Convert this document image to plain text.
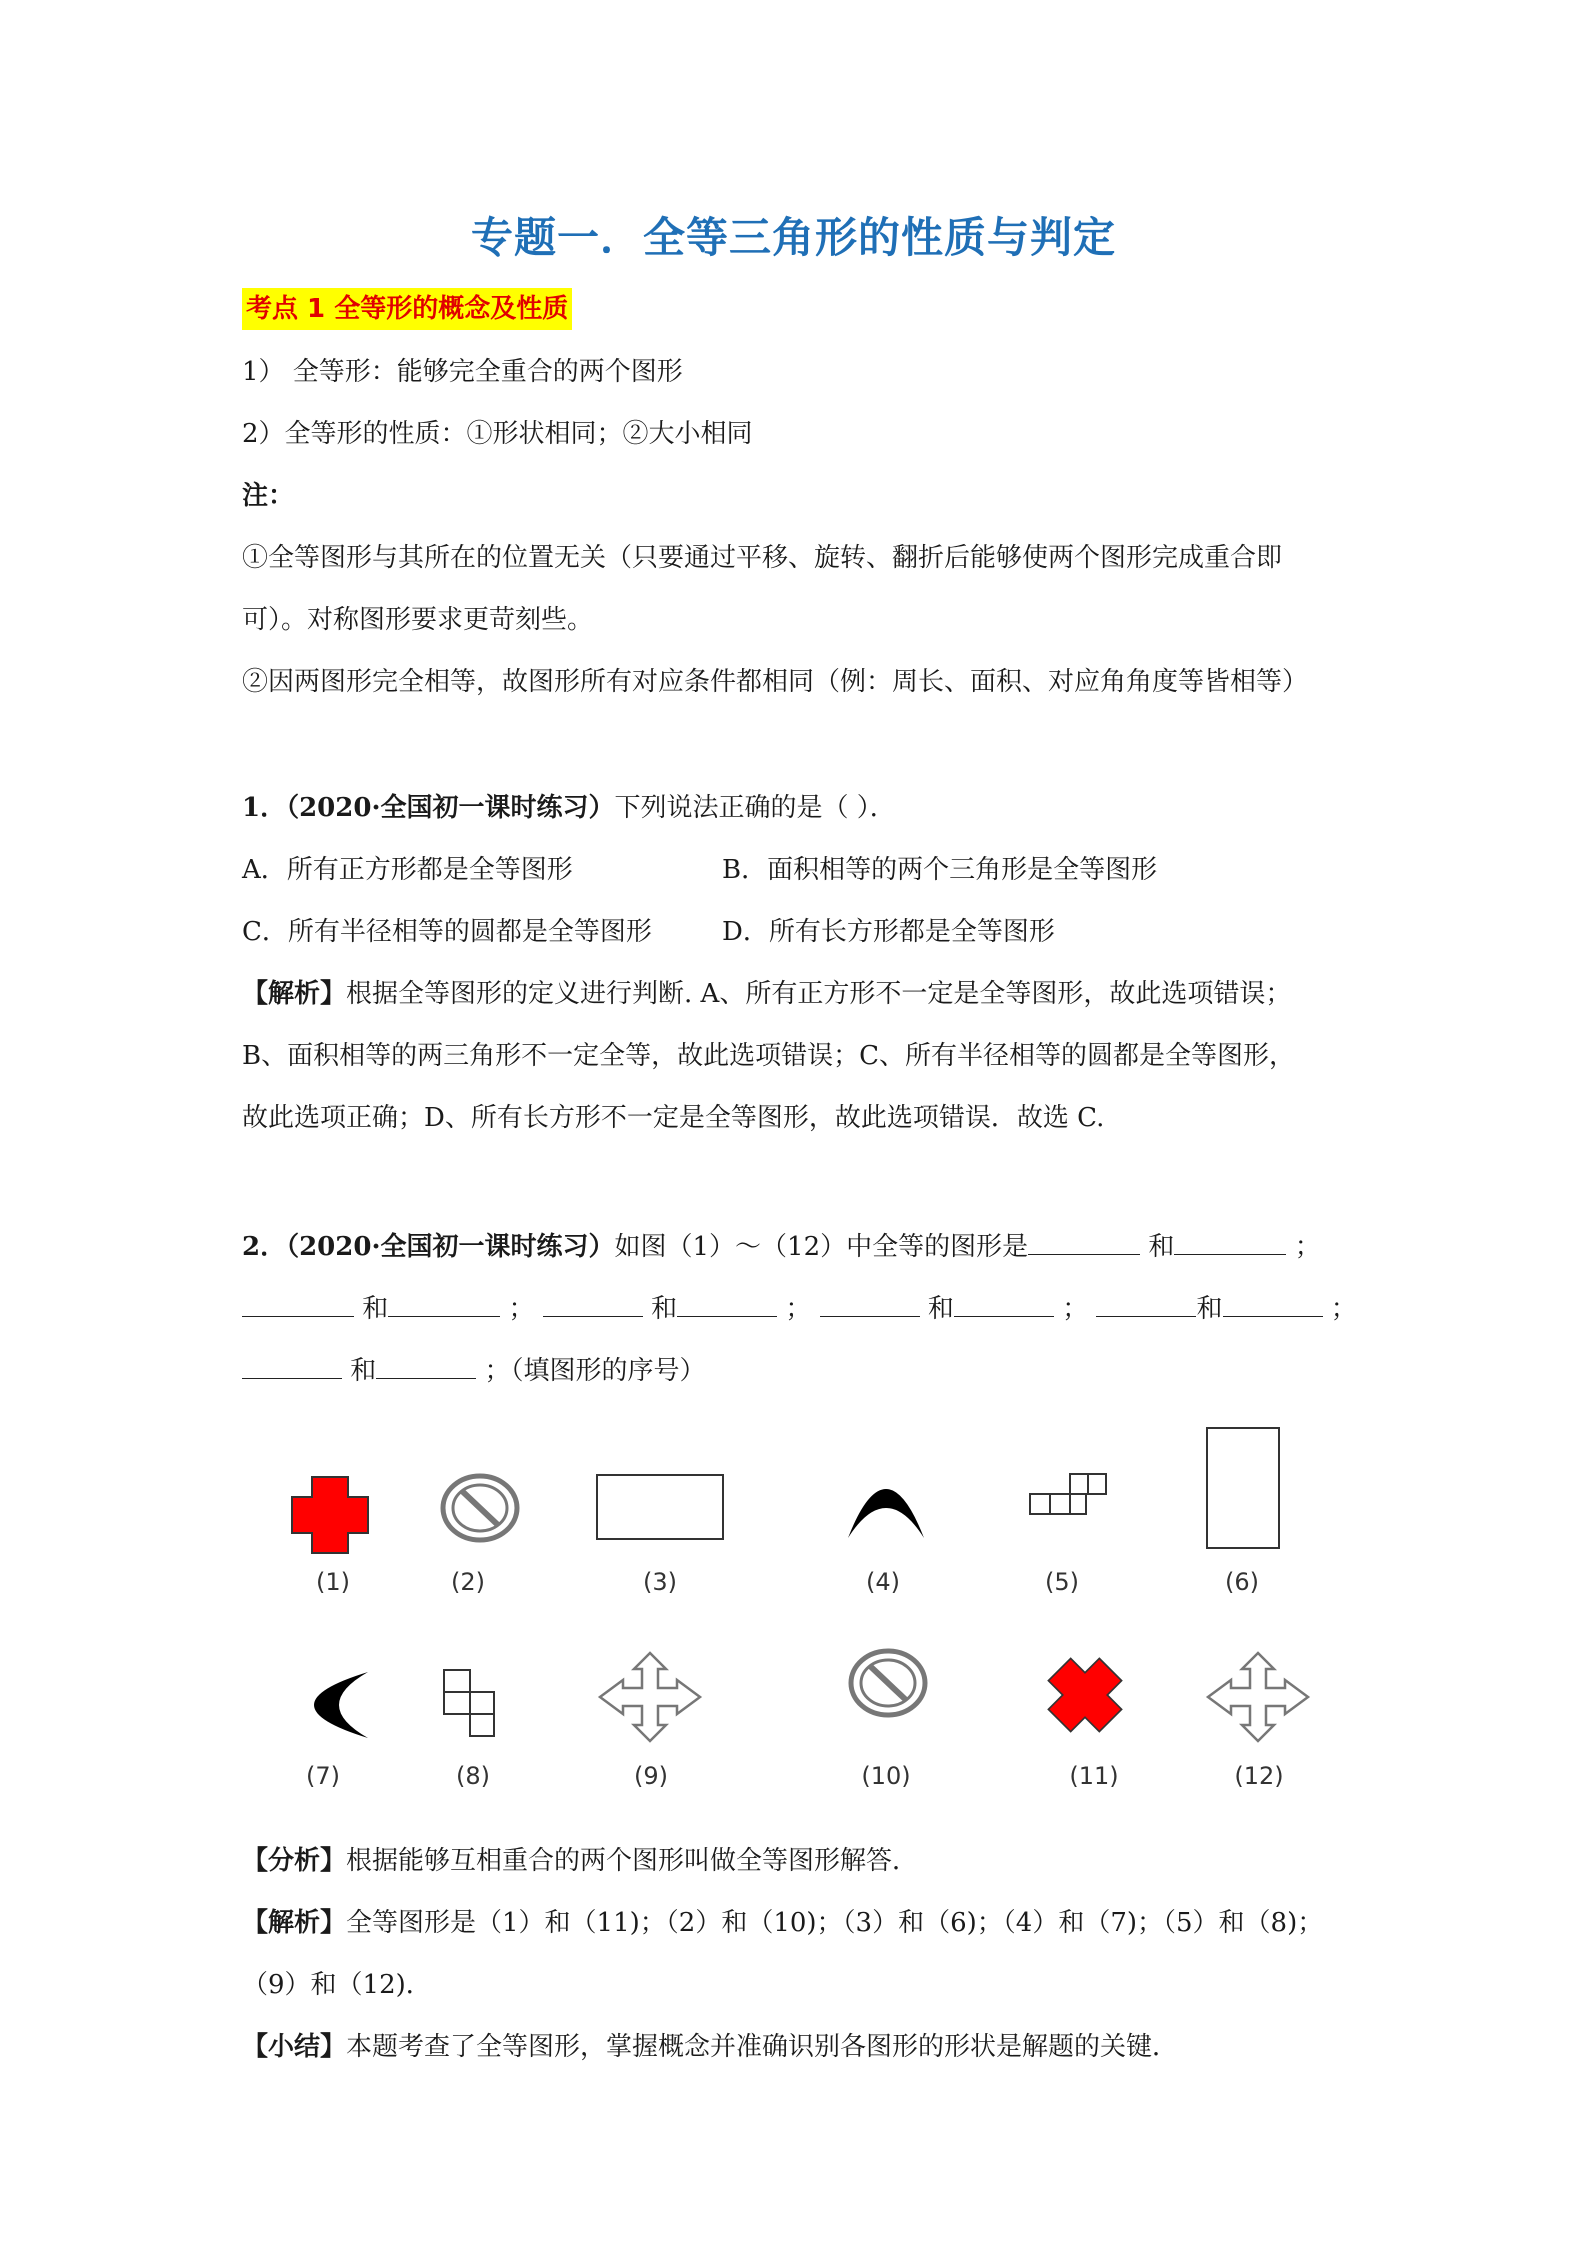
专题一．全等三角形的性质与判定
考点 1 全等形的概念及性质
1） 全等形：能够完全重合的两个图形
2）全等形的性质：①形状相同；②大小相同
注：
①全等图形与其所在的位置无关（只要通过平移、旋转、翻折后能够使两个图形完成重合即
可）。对称图形要求更苛刻些。
②因两图形完全相等，故图形所有对应条件都相同（例：周长、面积、对应角角度等皆相等）
1．（2020·全国初一课时练习）下列说法正确的是（ ）．
A．所有正方形都是全等图形	B．面积相等的两个三角形是全等图形
C．所有半径相等的圆都是全等图形	D．所有长方形都是全等图形
【解析】根据全等图形的定义进行判断. A、所有正方形不一定是全等图形，故此选项错误；
B、面积相等的两三角形不一定全等，故此选项错误；C、所有半径相等的圆都是全等图形，
故此选项正确；D、所有长方形不一定是全等图形，故此选项错误．故选 C.
2．（2020·全国初一课时练习）如图（1）～（12）中全等的图形是	和	；
和	；	和	；	和	；	和	；
和	；（填图形的序号）
(1)	(2)	(3)	(4)	(5)	(6)
(7)	(8)	(9)	(10)	(11)	(12)
【分析】根据能够互相重合的两个图形叫做全等图形解答．
【解析】全等图形是（1）和（11)；（2）和（10)；（3）和（6)；（4）和（7)；（5）和（8)；
（9）和（12)．
【小结】本题考查了全等图形，掌握概念并准确识别各图形的形状是解题的关键．
